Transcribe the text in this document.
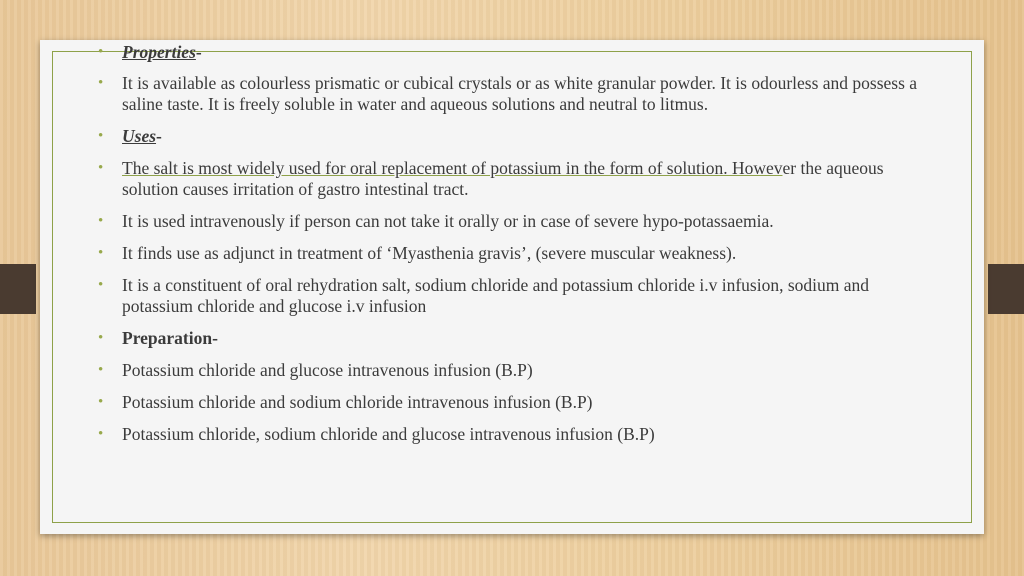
• Properties-
• It is available as colourless prismatic or cubical crystals or as white granular powder. It is odourless and possess a saline taste. It is freely soluble in water and aqueous solutions and neutral to litmus.
• Uses-
• The salt is most widely used for oral replacement of potassium in the form of solution. However the aqueous solution causes irritation of gastro intestinal tract.
• It is used intravenously if person can not take it orally or in case of severe hypo-potassaemia.
• It finds use as adjunct in treatment of ‘Myasthenia gravis’, (severe muscular weakness).
• It is a constituent of oral rehydration salt, sodium chloride and potassium chloride i.v infusion, sodium and potassium chloride and glucose i.v infusion
• Preparation-
• Potassium chloride and glucose intravenous infusion (B.P)
• Potassium chloride and sodium chloride intravenous infusion (B.P)
• Potassium chloride, sodium chloride and glucose intravenous infusion (B.P)
